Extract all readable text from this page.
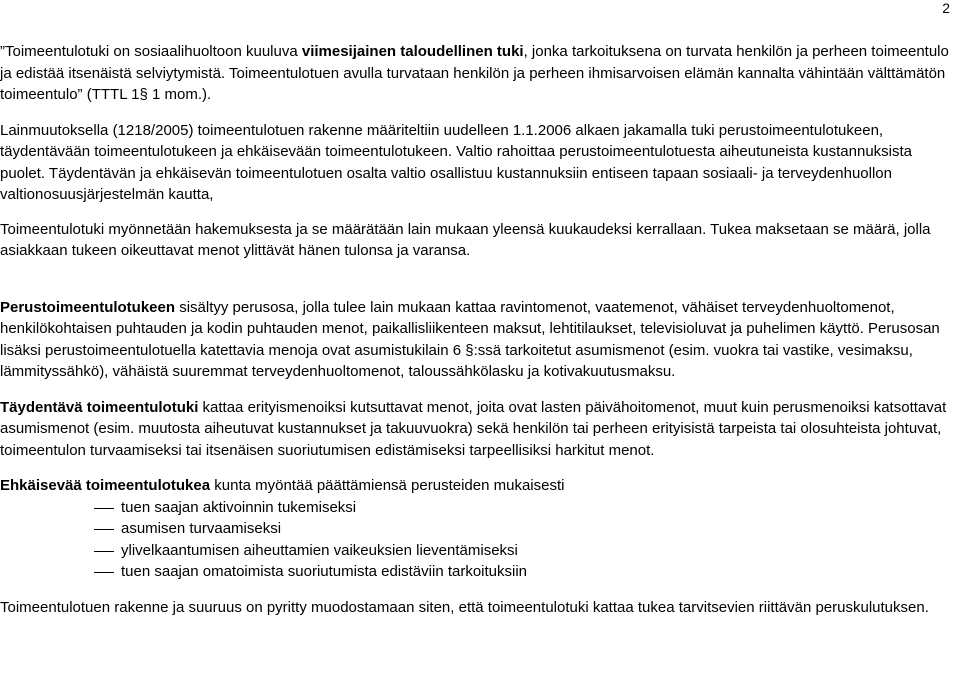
2

”Toimeentulotuki on sosiaalihuoltoon kuuluva viimesijainen taloudellinen tuki, jonka tarkoituksena on turvata henkilön ja perheen toimeentulo ja edistää itsenäistä selviytymistä. Toimeentulotuen avulla turvataan henkilön ja perheen ihmisarvoisen elämän kannalta vähintään välttämätön toimeentulo” (TTTL 1§ 1 mom.).

Lainmuutoksella (1218/2005) toimeentulotuen rakenne määriteltiin uudelleen 1.1.2006 alkaen jakamalla tuki perustoimeentulotukeen, täydentävään toimeentulotukeen ja ehkäisevään toimeentulotukeen. Valtio rahoittaa perustoimeentulotuesta aiheutuneista kustannuksista puolet. Täydentävän ja ehkäisevän toimeentulotuen osalta valtio osallistuu kustannuksiin entiseen tapaan sosiaali- ja terveydenhuollon valtionosuusjärjestelmän kautta,

Toimeentulotuki myönnetään hakemuksesta ja se määrätään lain mukaan yleensä kuukaudeksi kerrallaan. Tukea maksetaan se määrä, jolla asiakkaan tukeen oikeuttavat menot ylittävät hänen tulonsa ja varansa.

Perustoimeentulotukeen sisältyy perusosa, jolla tulee lain mukaan kattaa ravintomenot, vaatemenot, vähäiset terveydenhuoltomenot, henkilökohtaisen puhtauden ja kodin puhtauden menot, paikallisliikenteen maksut, lehtitilaukset, televisioluvat ja puhelimen käyttö. Perusosan lisäksi perustoimeentulotuella katettavia menoja ovat asumistukilain 6 §:ssä tarkoitetut asumismenot (esim. vuokra tai vastike, vesimaksu, lämmityssähkö), vähäistä suuremmat terveydenhuoltomenot, taloussähkölasku ja kotivakuutusmaksu.

Täydentävä toimeentulotuki kattaa erityismenoiksi kutsuttavat menot, joita ovat lasten päivähoitomenot, muut kuin perusmenoiksi katsottavat asumismenot (esim. muutosta aiheutuvat kustannukset ja takuuvuokra) sekä henkilön tai perheen erityisistä tarpeista tai olosuhteista johtuvat, toimeentulon turvaamiseksi tai itsenäisen suoriutumisen edistämiseksi tarpeellisiksi harkitut menot.

Ehkäisevää toimeentulotukea kunta myöntää päättämiensä perusteiden mukaisesti

tuen saajan aktivoinnin tukemiseksi
asumisen turvaamiseksi
ylivelkaantumisen aiheuttamien vaikeuksien lieventämiseksi
tuen saajan omatoimista suoriutumista edistäviin tarkoituksiin

Toimeentulotuen rakenne ja suuruus on pyritty muodostamaan siten, että toimeentulotuki kattaa tukea tarvitsevien riittävän peruskulutuksen.
